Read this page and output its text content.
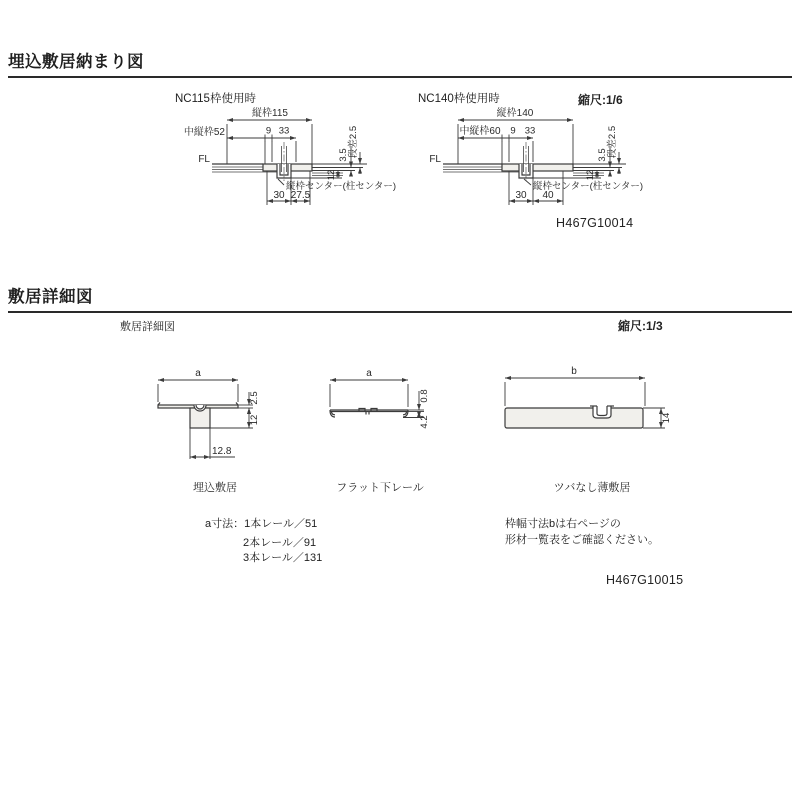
埋込敷居納まり図
縦枠115
中縦枠52	9 33
FL
12
3.5 段差2.5
縦枠センター(柱センター)
30 27.5
縦枠140
中縦枠60 9 33
FL
12
3.5 段差2.5
縦枠センター(柱センター)
30 40
NC115枠使用時	NC140枠使用時	縮尺:1/6
H467G10014
敷居詳細図
敷居詳細図	縮尺:1/3
a
2.5
12
12.8
埋込敷居
a
0.8
4.2
フラット下レール
b
14
ツバなし薄敷居
a寸法：1本レール／51
2本レール／91
3本レール／131
枠幅寸法bは右ページの
形材一覧表をご確認ください。
H467G10015
